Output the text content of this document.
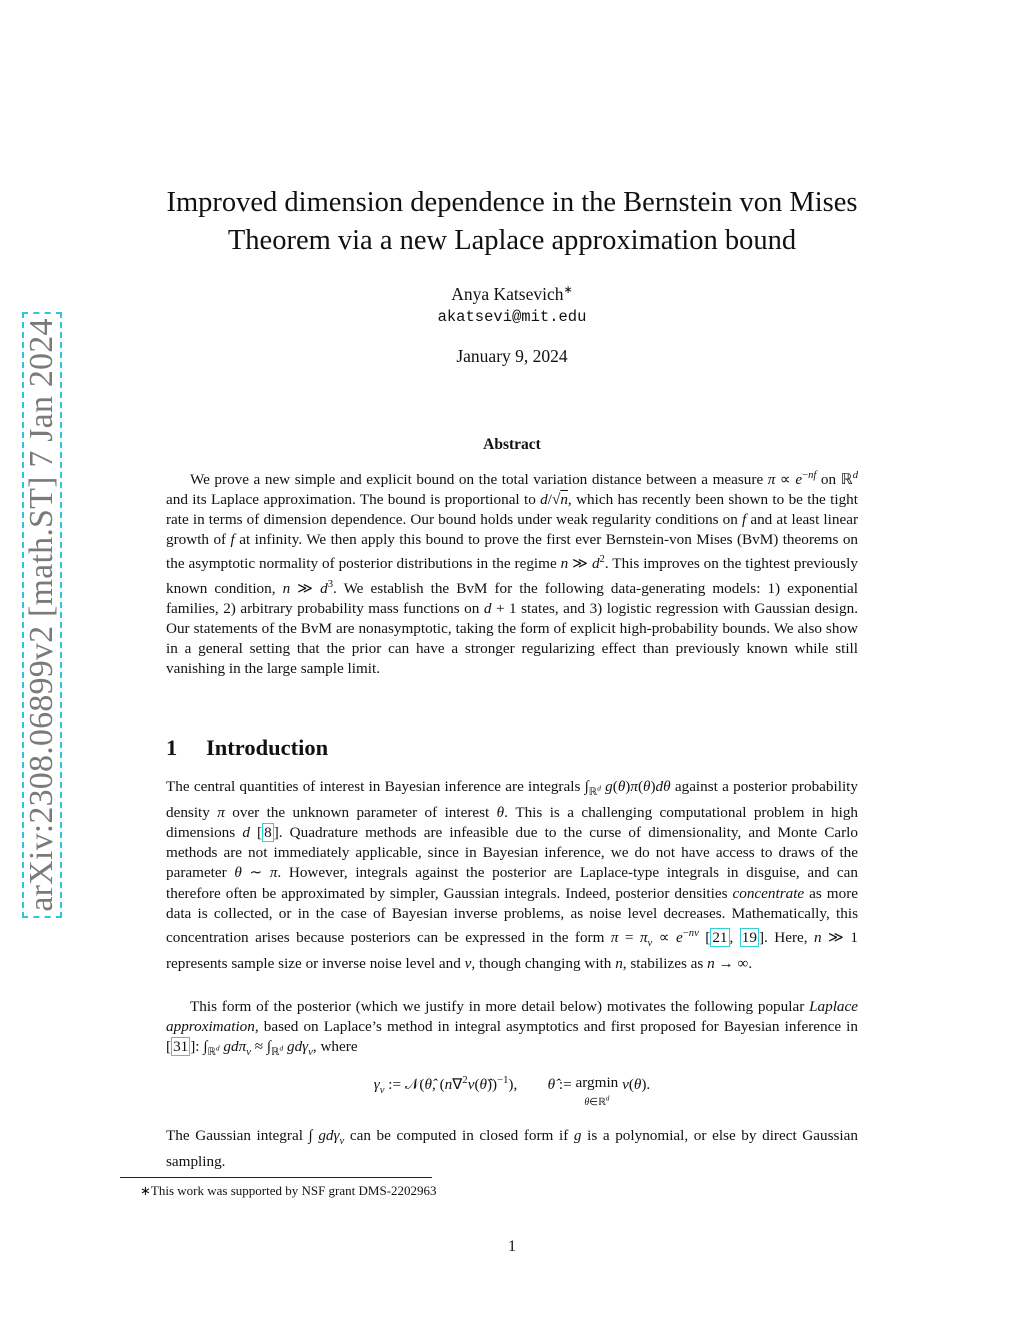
arXiv:2308.06899v2 [math.ST] 7 Jan 2024
Improved dimension dependence in the Bernstein von Mises
Theorem via a new Laplace approximation bound
Anya Katsevich∗
akatsevi@mit.edu
January 9, 2024
Abstract

We prove a new simple and explicit bound on the total variation distance between a measure $\pi \propto e^{-nf}$ on ℝ$^d$ and its Laplace approximation. The bound is proportional to d/√n, which has recently been shown to be the tight rate in terms of dimension dependence. Our bound holds under weak regularity conditions on f and at least linear growth of f at infinity. We then apply this bound to prove the first ever Bernstein-von Mises (BvM) theorems on the asymptotic normality of posterior distributions in the regime n ≫ $d^2$. This improves on the tightest previously known condition, n ≫ $d^3$. We establish the BvM for the following data-generating models: 1) exponential families, 2) arbitrary probability mass functions on d + 1 states, and 3) logistic regression with Gaussian design. Our statements of the BvM are nonasymptotic, taking the form of explicit high-probability bounds. We also show in a general setting that the prior can have a stronger regularizing effect than previously known while still vanishing in the large sample limit.

1 Introduction

The central quantities of interest in Bayesian inference are integrals $\int_{ℝ^d}$ g(θ)π(θ)dθ against a posterior probability density π over the unknown parameter of interest θ. This is a challenging computational problem in high dimensions d [ 8 ]. Quadrature methods are infeasible due to the curse of dimensionality, and Monte Carlo methods are not immediately applicable, since in Bayesian inference, we do not have access to draws of the parameter θ ∼ π. However, integrals against the posterior are Laplace-type integrals in disguise, and can therefore often be approximated by simpler, Gaussian integrals. Indeed, posterior densities concentrate as more data is collected, or in the case of Bayesian inverse problems, as noise level decreases. Mathematically, this concentration arises because posteriors can be expressed in the form $\pi = \pi_v \propto e^{-nv}$ [ 21 , 19 ]. Here, n ≫ 1 represents sample size or inverse noise level and v, though changing with n, stabilizes as n → ∞.

This form of the posterior (which we justify in more detail below) motivates the following popular Laplace approximation, based on Laplace’s method in integral asymptotics and first proposed for Bayesian inference in [ 31 ]: $\int_{ℝ^d}$ $gd\pi_v \approx \int_{ℝ^d}$ gdγ$_v$, where

$\gamma_v$ := 𝒩(θ̂, (n∇$^2$v(θ̂))$^{-1}$),        θ̂ := argmin
θ∈ℝ$^d$ v(θ).

The Gaussian integral ∫ gdγ$_v$ can be computed in closed form if g is a polynomial, or else by direct Gaussian sampling.

∗This work was supported by NSF grant DMS-2202963
1
